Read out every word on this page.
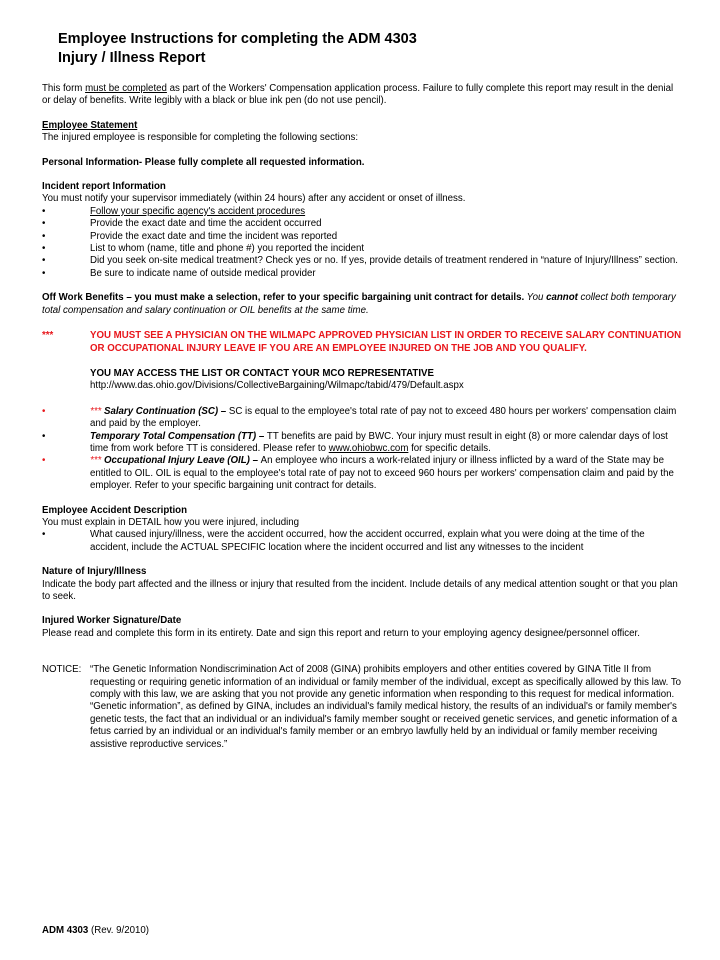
Employee Instructions for completing the ADM 4303
Injury / Illness Report
This form must be completed as part of the Workers' Compensation application process. Failure to fully complete this report may result in the denial or delay of benefits. Write legibly with a black or blue ink pen (do not use pencil).
Employee Statement
The injured employee is responsible for completing the following sections:
Personal Information- Please fully complete all requested information.
Incident report Information
You must notify your supervisor immediately (within 24 hours) after any accident or onset of illness.
•	Follow your specific agency's accident procedures
•	Provide the exact date and time the accident occurred
•	Provide the exact date and time the incident was reported
•	List to whom (name, title and phone #) you reported the incident
•	Did you seek on-site medical treatment? Check yes or no. If yes, provide details of treatment rendered in “nature of Injury/Illness” section.
•	Be sure to indicate name of outside medical provider
Off Work Benefits – you must make a selection, refer to your specific bargaining unit contract for details. You cannot collect both temporary total compensation and salary continuation or OIL benefits at the same time.
***	YOU MUST SEE A PHYSICIAN ON THE WILMAPC APPROVED PHYSICIAN LIST IN ORDER TO RECEIVE SALARY CONTINUATION OR OCCUPATIONAL INJURY LEAVE IF YOU ARE AN EMPLOYEE INJURED ON THE JOB AND YOU QUALIFY.
YOU MAY ACCESS THE LIST OR CONTACT YOUR MCO REPRESENTATIVE
http://www.das.ohio.gov/Divisions/CollectiveBargaining/Wilmapc/tabid/479/Default.aspx
•	*** Salary Continuation (SC) – SC is equal to the employee's total rate of pay not to exceed 480 hours per workers' compensation claim and paid by the employer.
•	Temporary Total Compensation (TT) – TT benefits are paid by BWC. Your injury must result in eight (8) or more calendar days of lost time from work before TT is considered. Please refer to www.ohiobwc.com for specific details.
•	*** Occupational Injury Leave (OIL) – An employee who incurs a work-related injury or illness inflicted by a ward of the State may be entitled to OIL. OIL is equal to the employee's total rate of pay not to exceed 960 hours per workers' compensation claim and paid by the employer. Refer to your specific bargaining unit contract for details.
Employee Accident Description
You must explain in DETAIL how you were injured, including
•	What caused injury/illness, were the accident occurred, how the accident occurred, explain what you were doing at the time of the accident, include the ACTUAL SPECIFIC location where the incident occurred and list any witnesses to the incident
Nature of Injury/Illness
Indicate the body part affected and the illness or injury that resulted from the incident. Include details of any medical attention sought or that you plan to seek.
Injured Worker Signature/Date
Please read and complete this form in its entirety. Date and sign this report and return to your employing agency designee/personnel officer.
NOTICE: “The Genetic Information Nondiscrimination Act of 2008 (GINA) prohibits employers and other entities covered by GINA Title II from requesting or requiring genetic information of an individual or family member of the individual, except as specifically allowed by this law. To comply with this law, we are asking that you not provide any genetic information when responding to this request for medical information. “Genetic information”, as defined by GINA, includes an individual's family medical history, the results of an individual's or family member's genetic tests, the fact that an individual or an individual's family member sought or received genetic services, and genetic information of a fetus carried by an individual or an individual's family member or an embryo lawfully held by an individual or family member receiving assistive reproductive services.”
ADM 4303 (Rev. 9/2010)
